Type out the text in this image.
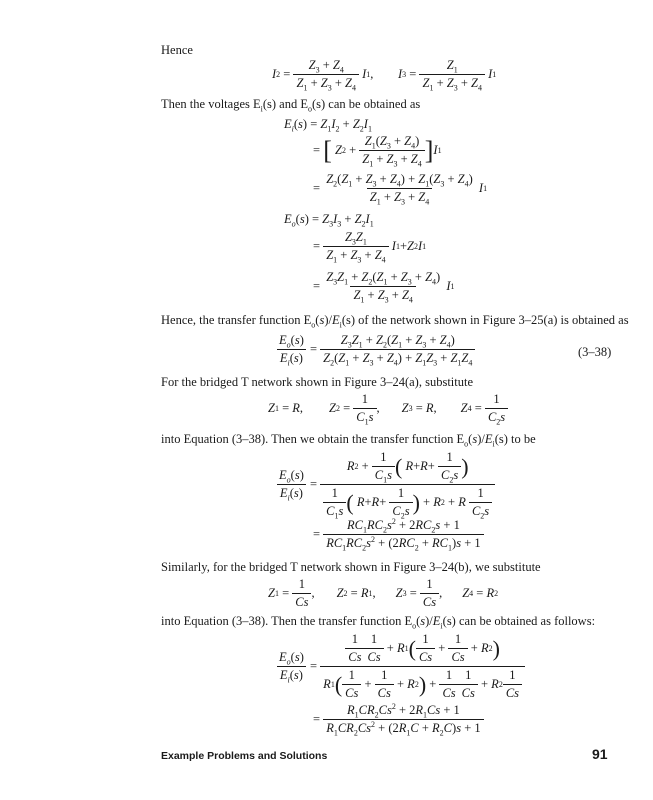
Hence
I $2 = \frac{Z_3 + Z_4}{Z_1 + Z_3 + Z_4}$
I 1 , I $3 = \frac{Z_1}{Z_1 + Z_3 + Z_4}$
I 1
Then the voltages $E_i(s)$ and $E_o(s)$ can be obtained as
$E_i(s) = Z_1I_2 + Z_2I_1$
= [
Z $2 + \frac{Z_1(Z_3 + Z_4)}{Z_1 + Z_3 + Z_4}$ ] I 1
= $\frac{Z_2(Z_1 + Z_3 + Z_4) + Z_1(Z_3 + Z_4)}{Z_1 + Z_3 + Z_4}$
I 1
$E_o(s) = Z_3I_3 + Z_2I_1$
= $\frac{Z_3Z_1}{Z_1 + Z_3 + Z_4}$
I 1 + Z 2 I 1
= $\frac{Z_3Z_1 + Z_2(Z_1 + Z_3 + Z_4)}{Z_1 + Z_3 + Z_4}$
I 1
Hence, the transfer function $E_o(s)/E_i(s)$ of the network shown in Figure 3–25(a) is obtained as
$\frac{E_o(s)}{E_i(s)} = \frac{Z_3Z_1 + Z_2(Z_1 + Z_3 + Z_4)}{Z_2(Z_1 + Z_3 + Z_4) + Z_1Z_3 + Z_1Z_4}$	(3–38)
For the bridged T network shown in Figure 3–24(a), substitute
Z 1 = R , Z $2 = \frac{1}{C_1s}$ , Z 3 = R , Z $4 = \frac{1}{C_2s}$
into Equation (3–38). Then we obtain the transfer function $E_o(s)/E_i(s)$ to be
$\frac{E_o(s)}{E_i(s)}$ =
R $2 + \frac{1}{C_1s}$ (
$R + R + \frac{1}{C_2s}$ )
$\frac{1}{C_1s}$ (
$R + R + \frac{1}{C_2s}$ ) + R 2 + R
$\frac{1}{C_2s}$
= $\frac{RC_1RC_2s^2 + 2RC_2s + 1}{RC_1RC_2s^2 + (2RC_2 + RC_1)s + 1}$
Similarly, for the bridged T network shown in Figure 3–24(b), we substitute
Z $1 = \frac{1}{Cs}$ , Z 2 = R 1 , Z $3 = \frac{1}{Cs}$ , Z 4 = R 2
into Equation (3–38). Then the transfer function $E_o(s)/E_i(s)$ can be obtained as follows:
$\frac{E_o(s)}{E_i(s)}$ =
$\frac{1}{Cs} \frac{1}{Cs} + R$ 1 ( $\frac{1}{Cs} + \frac{1}{Cs} + R$ 2 )
R 1 ( $\frac{1}{Cs} + \frac{1}{Cs} + R$ 2 ) + $\frac{1}{Cs} \frac{1}{Cs} + R$ $2 \frac{1}{Cs}$
= $\frac{R_1CR_2Cs^2 + 2R_1Cs + 1}{R_1CR_2Cs^2 + (2R_1C + R_2C)s + 1}$
Example Problems and Solutions	91
